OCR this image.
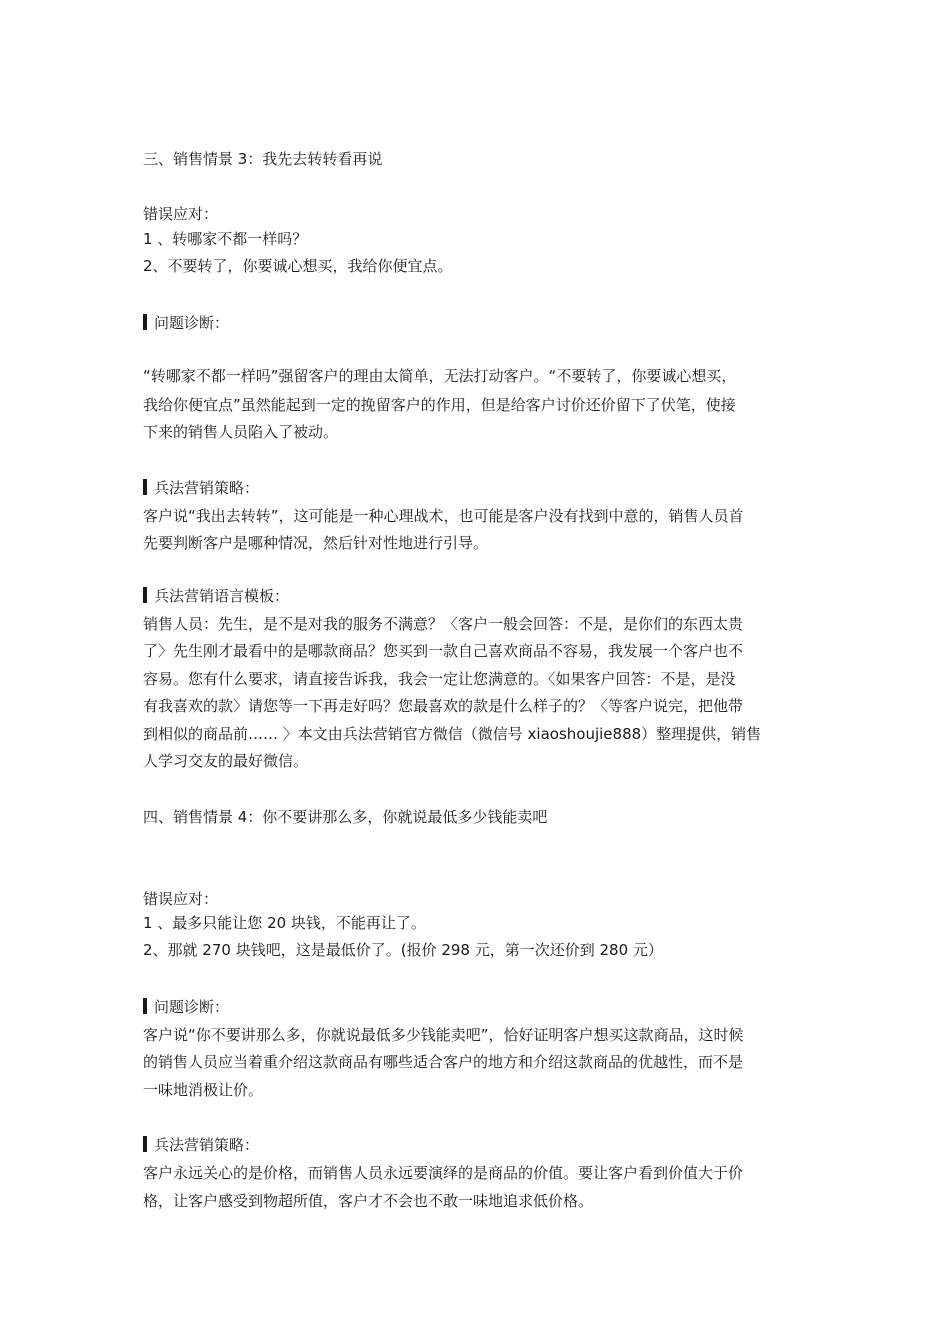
三、销售情景 3：我先去转转看再说
错误应对：
1 、转哪家不都一样吗？
2、不要转了，你要诚心想买，我给你便宜点。
问题诊断：
“转哪家不都一样吗”强留客户的理由太简单，无法打动客户。“不要转了，你要诚心想买，
我给你便宜点”虽然能起到一定的挽留客户的作用，但是给客户讨价还价留下了伏笔，使接
下来的销售人员陷入了被动。
兵法营销策略：
客户说“我出去转转”，这可能是一种心理战术，也可能是客户没有找到中意的，销售人员首
先要判断客户是哪种情况，然后针对性地进行引导。
兵法营销语言模板：
销售人员：先生，是不是对我的服务不满意？〈客户一般会回答：不是，是你们的东西太贵
了〉先生刚才最看中的是哪款商品？您买到一款自己喜欢商品不容易，我发展一个客户也不
容易。您有什么要求，请直接告诉我，我会一定让您满意的。〈如果客户回答：不是，是没
有我喜欢的款〉请您等一下再走好吗？您最喜欢的款是什么样子的？〈等客户说完，把他带
到相似的商品前…… 〉本文由兵法营销官方微信（微信号 xiaoshoujie888）整理提供，销售
人学习交友的最好微信。
四、销售情景 4：你不要讲那么多，你就说最低多少钱能卖吧
错误应对：
1 、最多只能让您 20 块钱，不能再让了。
2、那就 270 块钱吧，这是最低价了。(报价 298 元，第一次还价到 280 元）
问题诊断：
客户说“你不要讲那么多，你就说最低多少钱能卖吧”，恰好证明客户想买这款商品，这时候
的销售人员应当着重介绍这款商品有哪些适合客户的地方和介绍这款商品的优越性，而不是
一味地消极让价。
兵法营销策略：
客户永远关心的是价格，而销售人员永远要演绎的是商品的价值。要让客户看到价值大于价
格，让客户感受到物超所值，客户才不会也不敢一味地追求低价格。
